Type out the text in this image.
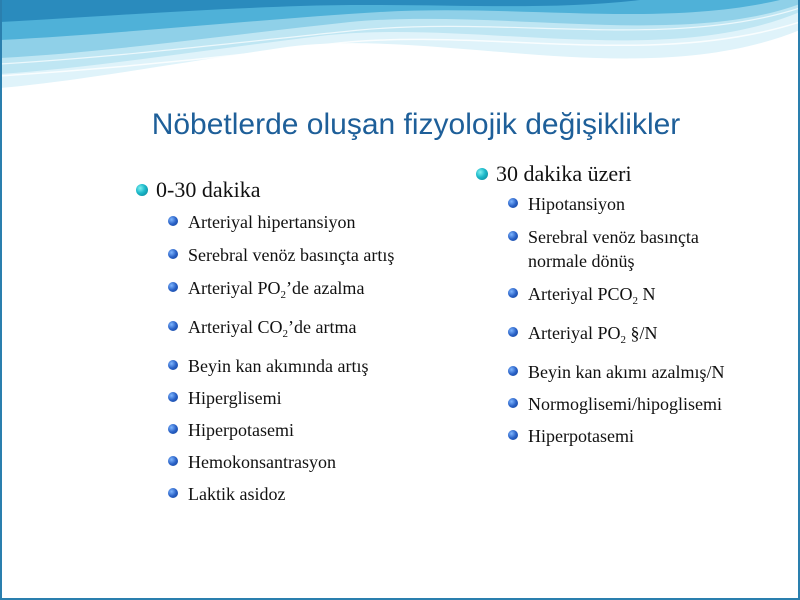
Nöbetlerde oluşan fizyolojik değişiklikler
0-30 dakika
Arteriyal hipertansiyon
Serebral venöz basınçta artış
Arteriyal $PO_2’de$ azalma
Arteriyal $CO_2’de$ artma
Beyin kan akımında artış
Hiperglisemi
Hiperpotasemi
Hemokonsantrasyon
Laktik asidoz
30 dakika üzeri
Hipotansiyon
Serebral venöz basınçta normale dönüş
Arteriyal $PCO_2$ N
Arteriyal $PO_2$ §/N
Beyin kan akımı azalmış/N
Normoglisemi/hipoglisemi
Hiperpotasemi
